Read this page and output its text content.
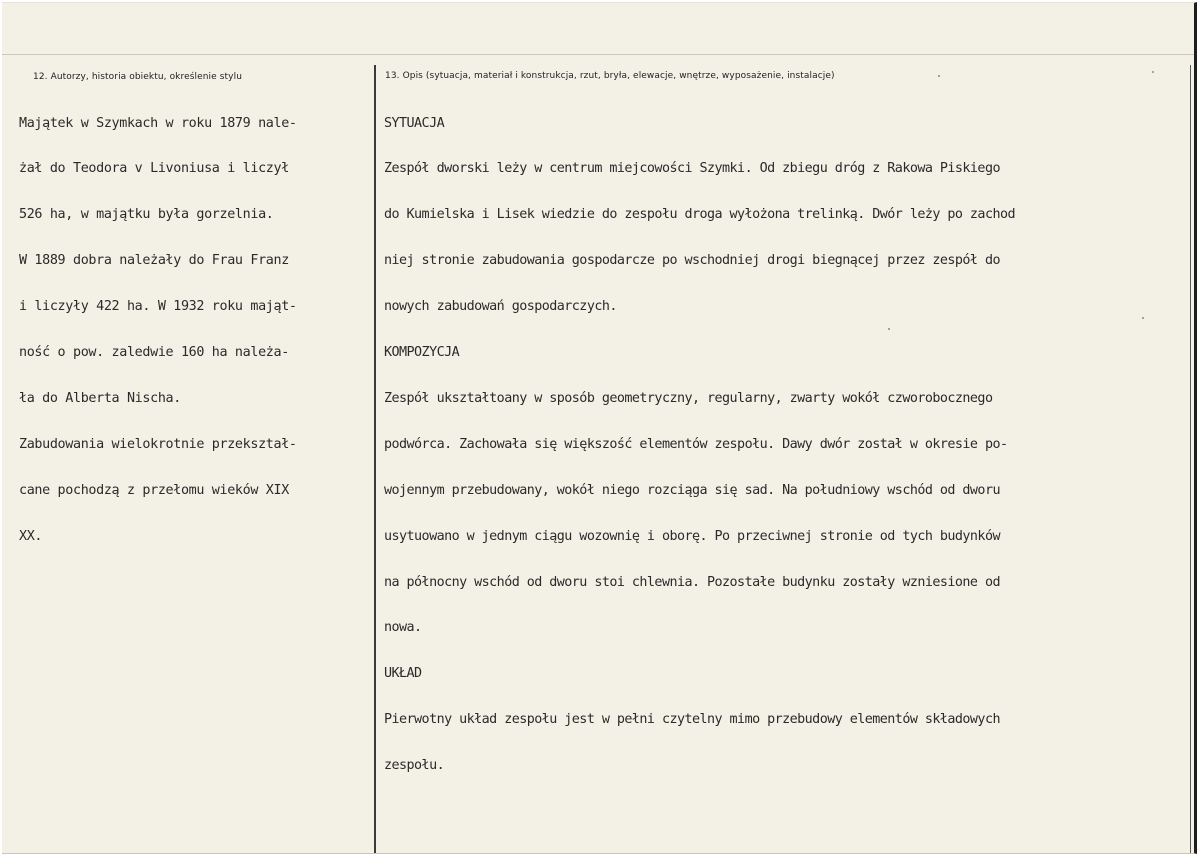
12. Autorzy, historia obiektu, określenie stylu	13. Opis (sytuacja, materiał i konstrukcja, rzut, bryła, elewacje, wnętrze, wyposażenie, instalacje)

Majątek w Szymkach w roku 1879 nale-

żał do Teodora v Livoniusa i liczył

526 ha, w majątku była gorzelnia.

W 1889 dobra należały do Frau Franz

i liczyły 422 ha. W 1932 roku mająt-

ność o pow. zaledwie 160 ha należa-

ła do Alberta Nischa.

Zabudowania wielokrotnie przekształ-

cane pochodzą z przełomu wieków XIX

XX.

SYTUACJA

Zespół dworski leży w centrum miejcowości Szymki. Od zbiegu dróg z Rakowa Piskiego

do Kumielska i Lisek wiedzie do zespołu droga wyłożona trelinką. Dwór leży po zachod

niej stronie zabudowania gospodarcze po wschodniej drogi biegnącej przez zespół do

nowych zabudowań gospodarczych.

KOMPOZYCJA

Zespół ukształtoany w sposób geometryczny, regularny, zwarty wokół czworobocznego

podwórca. Zachowała się większość elementów zespołu. Dawy dwór został w okresie po-

wojennym przebudowany, wokół niego rozciąga się sad. Na południowy wschód od dworu

usytuowano w jednym ciągu wozownię i oborę. Po przeciwnej stronie od tych budynków

na północny wschód od dworu stoi chlewnia. Pozostałe budynku zostały wzniesione od

nowa.

UKŁAD

Pierwotny układ zespołu jest w pełni czytelny mimo przebudowy elementów składowych

zespołu.
